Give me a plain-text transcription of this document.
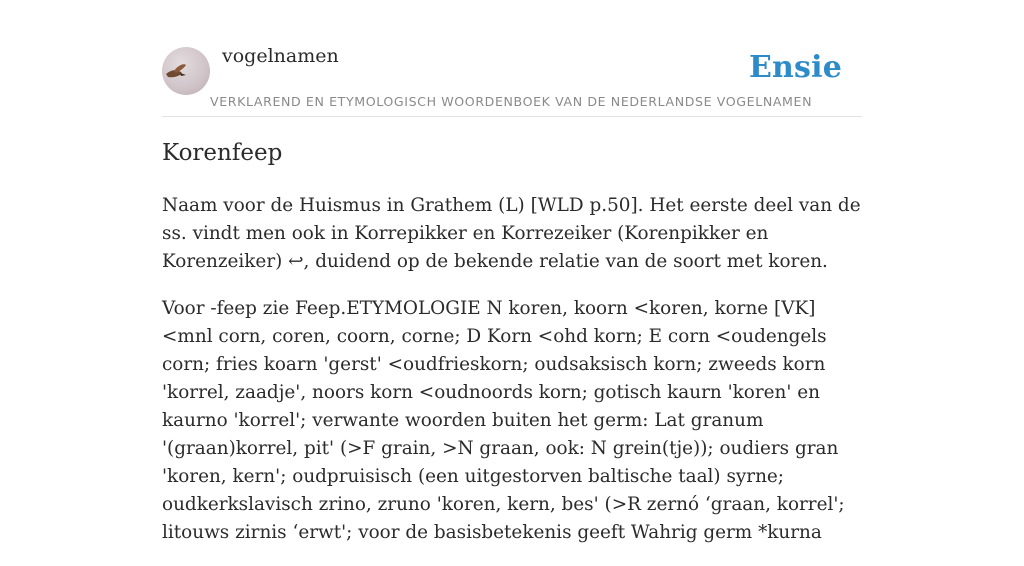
vogelnamen	Ensie
VERKLAREND EN ETYMOLOGISCH WOORDENBOEK VAN DE NEDERLANDSE VOGELNAMEN
Korenfeep

Naam voor de Huismus in Grathem (L) [WLD p.50]. Het eerste deel van de ss. vindt men ook in Korrepikker en Korrezeiker (Korenpikker en Korenzeiker) ↩, duidend op de bekende relatie van de soort met koren.

Voor -feep zie Feep.ETYMOLOGIE N koren, koorn <koren, korne [VK] <mnl corn, coren, coorn, corne; D Korn <ohd korn; E corn <oudengels corn; fries koarn 'gerst' <oudfrieskorn; oudsaksisch korn; zweeds korn 'korrel, zaadje', noors korn <oudnoords korn; gotisch kaurn 'koren' en kaurno 'korrel'; verwante woorden buiten het germ: Lat granum '(graan)korrel, pit' (>F grain, >N graan, ook: N grein(tje)); oudiers gran 'koren, kern'; oudpruisisch (een uitgestorven baltische taal) syrne; oudkerkslavisch zrino, zruno 'koren, kern, bes' (>R zernó ‘graan, korrel'; litouws zirnis ‘erwt'; voor de basisbetekenis geeft Wahrig germ *kurna
